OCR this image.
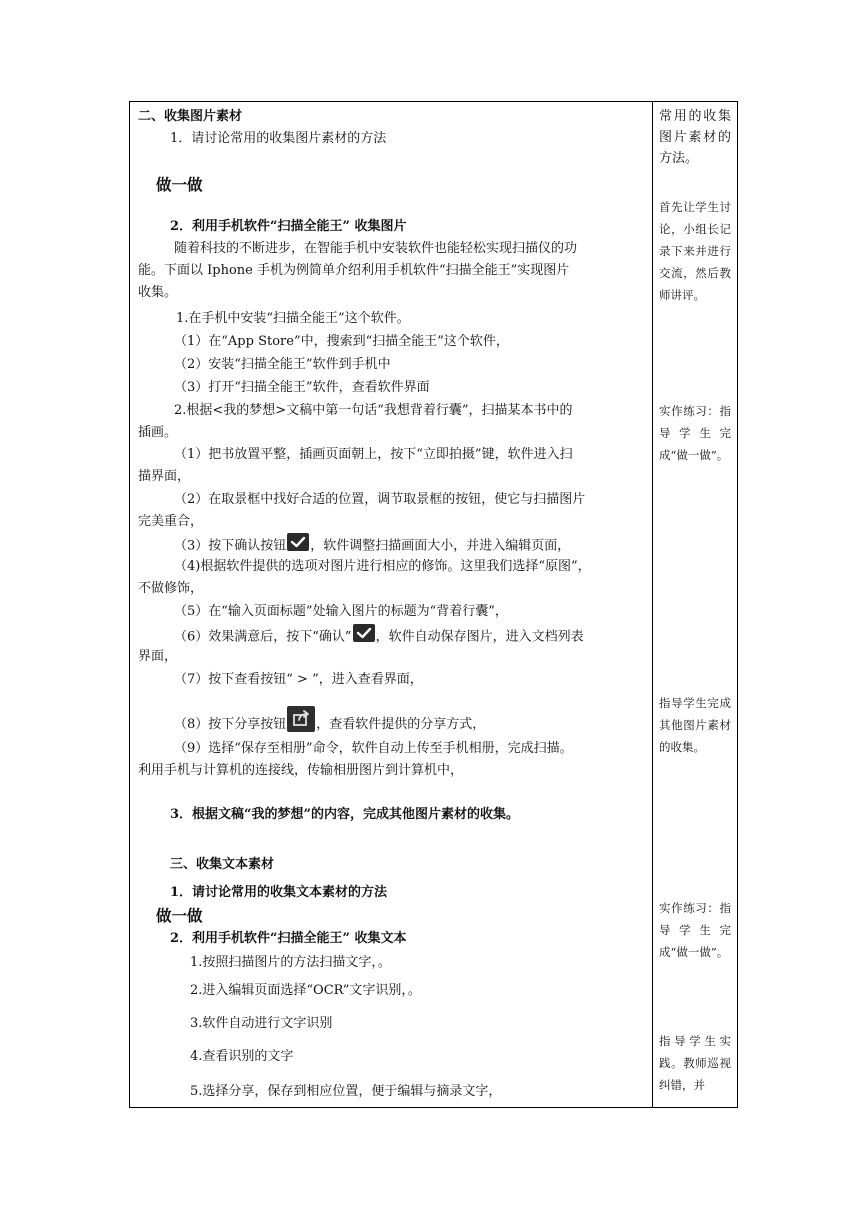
二、收集图片素材
1．请讨论常用的收集图片素材的方法
做一做
2．利用手机软件“扫描全能王” 收集图片
随着科技的不断进步，在智能手机中安装软件也能轻松实现扫描仪的功
能。下面以 Iphone 手机为例简单介绍利用手机软件“扫描全能王”实现图片
收集。
1.在手机中安装“扫描全能王”这个软件。
（1）在“App Store”中，搜索到“扫描全能王”这个软件，
（2）安装“扫描全能王”软件到手机中
（3）打开“扫描全能王”软件，查看软件界面
2.根据<我的梦想>文稿中第一句话“我想背着行囊”，扫描某本书中的
插画。
（1）把书放置平整，插画页面朝上，按下“立即拍摄”键，软件进入扫
描界面，
（2）在取景框中找好合适的位置，调节取景框的按钮，使它与扫描图片
完美重合，
（3）按下确认按钮 ，软件调整扫描画面大小，并进入编辑页面，
（4)根据软件提供的选项对图片进行相应的修饰。这里我们选择“原图”，
不做修饰，
（5）在“输入页面标题”处输入图片的标题为“背着行囊”，
（6）效果满意后，按下“确认” ，软件自动保存图片，进入文档列表
界面，
（7）按下查看按钮“ > ”，进入查看界面，
（8）按下分享按钮 ，查看软件提供的分享方式，
（9）选择“保存至相册”命令，软件自动上传至手机相册，完成扫描。
利用手机与计算机的连接线，传输相册图片到计算机中，
3．根据文稿“我的梦想”的内容，完成其他图片素材的收集。
三、收集文本素材
1．请讨论常用的收集文本素材的方法
做一做
2．利用手机软件“扫描全能王” 收集文本
1.按照扫描图片的方法扫描文字，。
2.进入编辑页面选择“OCR”文字识别，。
3.软件自动进行文字识别
4.查看识别的文字
5.选择分享，保存到相应位置，便于编辑与摘录文字，
常用的收集图片素材的方法。
首先让学生讨论，小组长记录下来并进行交流，然后教师讲评。
实作练习：指导学生完成“做一做”。
指导学生完成其他图片素材的收集。
实作练习：指导学生完成“做一做”。
指导学生实践。教师巡视纠错，并
